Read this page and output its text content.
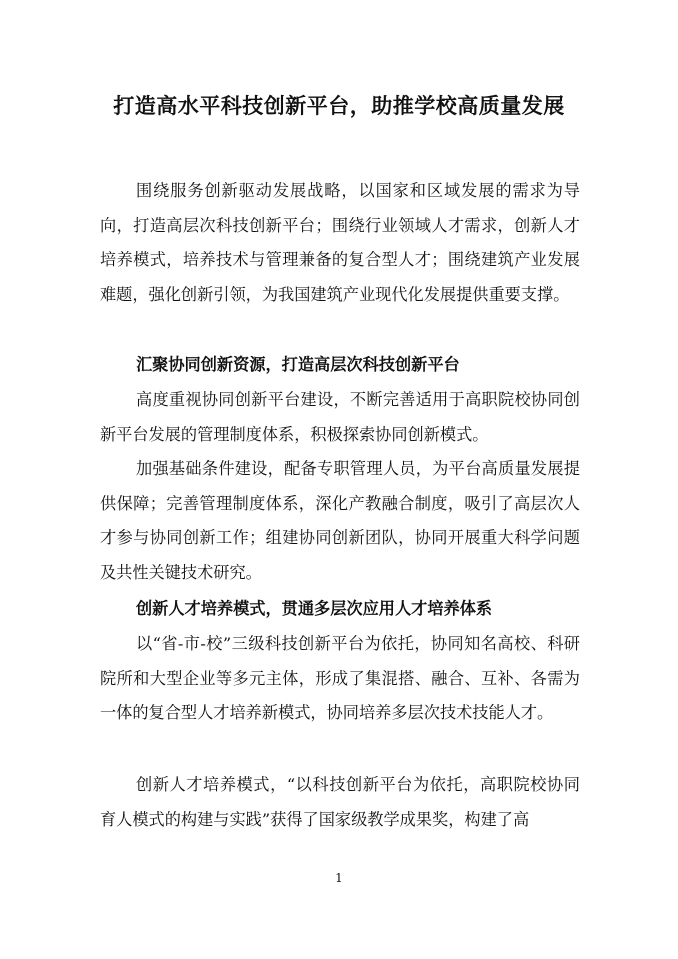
打造高水平科技创新平台，助推学校高质量发展

围绕服务创新驱动发展战略，以国家和区域发展的需求为导向，打造高层次科技创新平台；围绕行业领域人才需求，创新人才培养模式，培养技术与管理兼备的复合型人才；围绕建筑产业发展难题，强化创新引领，为我国建筑产业现代化发展提供重要支撑。

汇聚协同创新资源，打造高层次科技创新平台

高度重视协同创新平台建设，不断完善适用于高职院校协同创新平台发展的管理制度体系，积极探索协同创新模式。

加强基础条件建设，配备专职管理人员，为平台高质量发展提供保障；完善管理制度体系，深化产教融合制度，吸引了高层次人才参与协同创新工作；组建协同创新团队，协同开展重大科学问题及共性关键技术研究。

创新人才培养模式，贯通多层次应用人才培养体系

以“省-市-校”三级科技创新平台为依托，协同知名高校、科研院所和大型企业等多元主体，形成了集混搭、融合、互补、各需为一体的复合型人才培养新模式，协同培养多层次技术技能人才。

创新人才培养模式，“以科技创新平台为依托，高职院校协同育人模式的构建与实践”获得了国家级教学成果奖，构建了高

1
